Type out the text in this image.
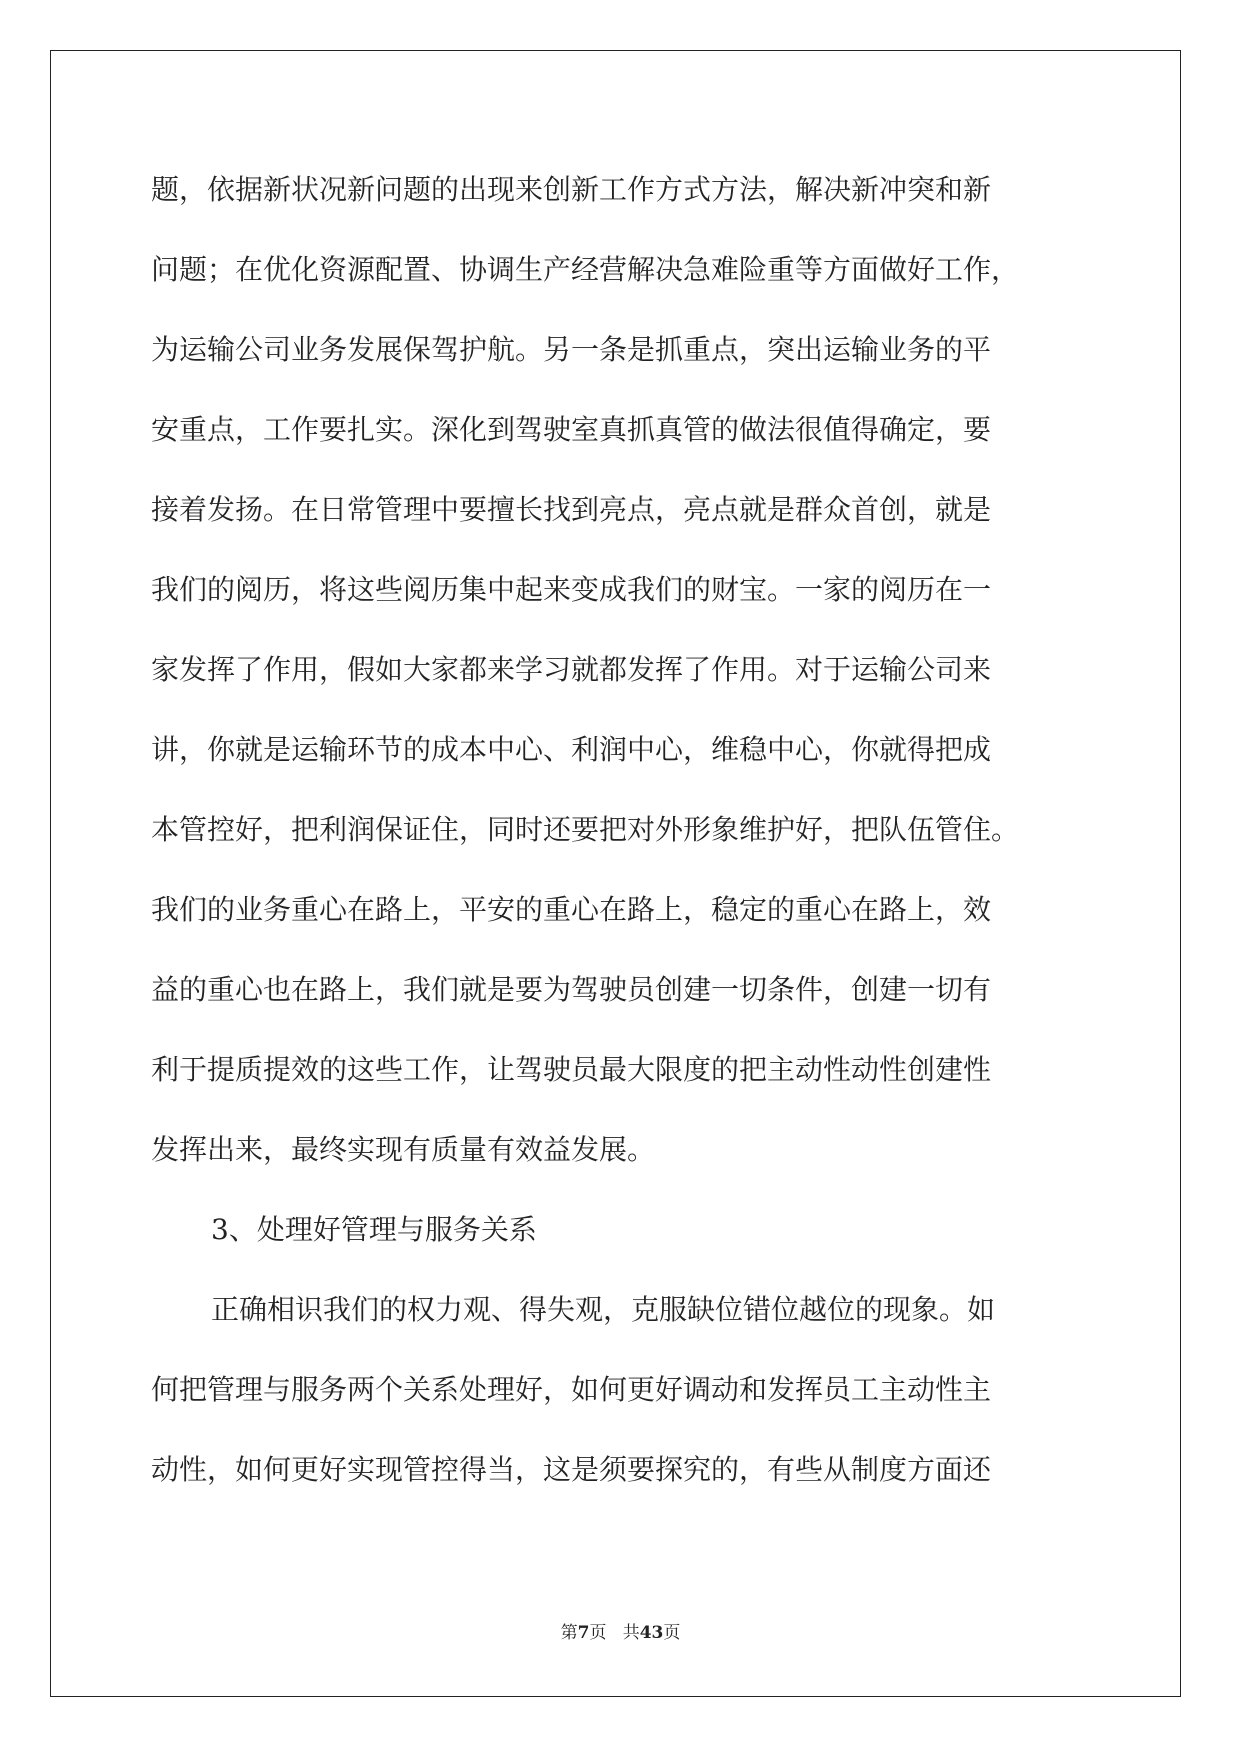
题，依据新状况新问题的出现来创新工作方式方法，解决新冲突和新
问题；在优化资源配置、协调生产经营解决急难险重等方面做好工作，
为运输公司业务发展保驾护航。另一条是抓重点，突出运输业务的平
安重点，工作要扎实。深化到驾驶室真抓真管的做法很值得确定，要
接着发扬。在日常管理中要擅长找到亮点，亮点就是群众首创，就是
我们的阅历，将这些阅历集中起来变成我们的财宝。一家的阅历在一
家发挥了作用，假如大家都来学习就都发挥了作用。对于运输公司来
讲，你就是运输环节的成本中心、利润中心，维稳中心，你就得把成
本管控好，把利润保证住，同时还要把对外形象维护好，把队伍管住。
我们的业务重心在路上，平安的重心在路上，稳定的重心在路上，效
益的重心也在路上，我们就是要为驾驶员创建一切条件，创建一切有
利于提质提效的这些工作，让驾驶员最大限度的把主动性动性创建性
发挥出来，最终实现有质量有效益发展。
3、处理好管理与服务关系
正确相识我们的权力观、得失观，克服缺位错位越位的现象。如
何把管理与服务两个关系处理好，如何更好调动和发挥员工主动性主
动性，如何更好实现管控得当，这是须要探究的，有些从制度方面还
第7页 共43页
